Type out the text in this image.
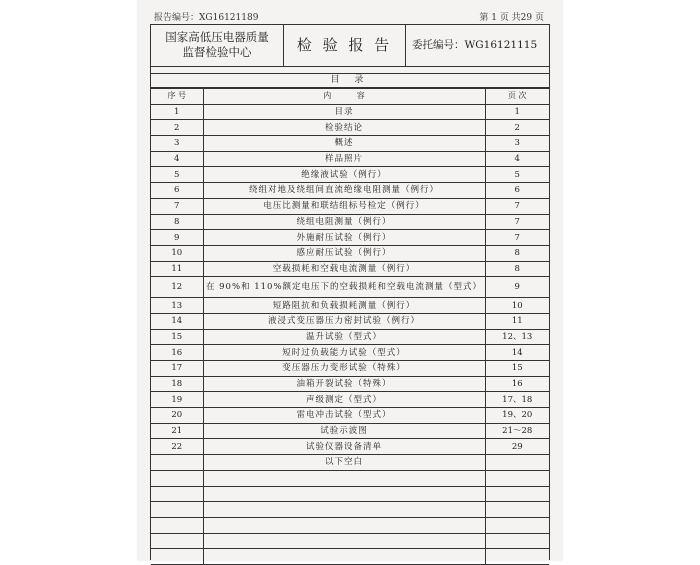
报告编号：XG16121189	第 1 页 共29 页
国家高低压电器质量
监督检验中心	检 验 报 告	委托编号：WG16121115
目 录
序 号	内          容	页 次
1	目录	1
2	检验结论	2
3	概述	3
4	样品照片	4
5	绝缘液试验（例行）	5
6	绕组对地及绕组间直流绝缘电阻测量（例行）	6
7	电压比测量和联结组标号检定（例行）	7
8	绕组电阻测量（例行）	7
9	外施耐压试验（例行）	7
10	感应耐压试验（例行）	8
11	空载损耗和空载电流测量（例行）	8
12	在 90%和 110%额定电压下的空载损耗和空载电流测量（型式）	9
13	短路阻抗和负载损耗测量（例行）	10
14	液浸式变压器压力密封试验（例行）	11
15	温升试验（型式）	12、13
16	短时过负载能力试验（型式）	14
17	变压器压力变形试验（特殊）	15
18	油箱开裂试验（特殊）	16
19	声级测定（型式）	17、18
20	雷电冲击试验（型式）	19、20
21	试验示波图	21～28
22	试验仪器设备清单	29
	以下空白	
